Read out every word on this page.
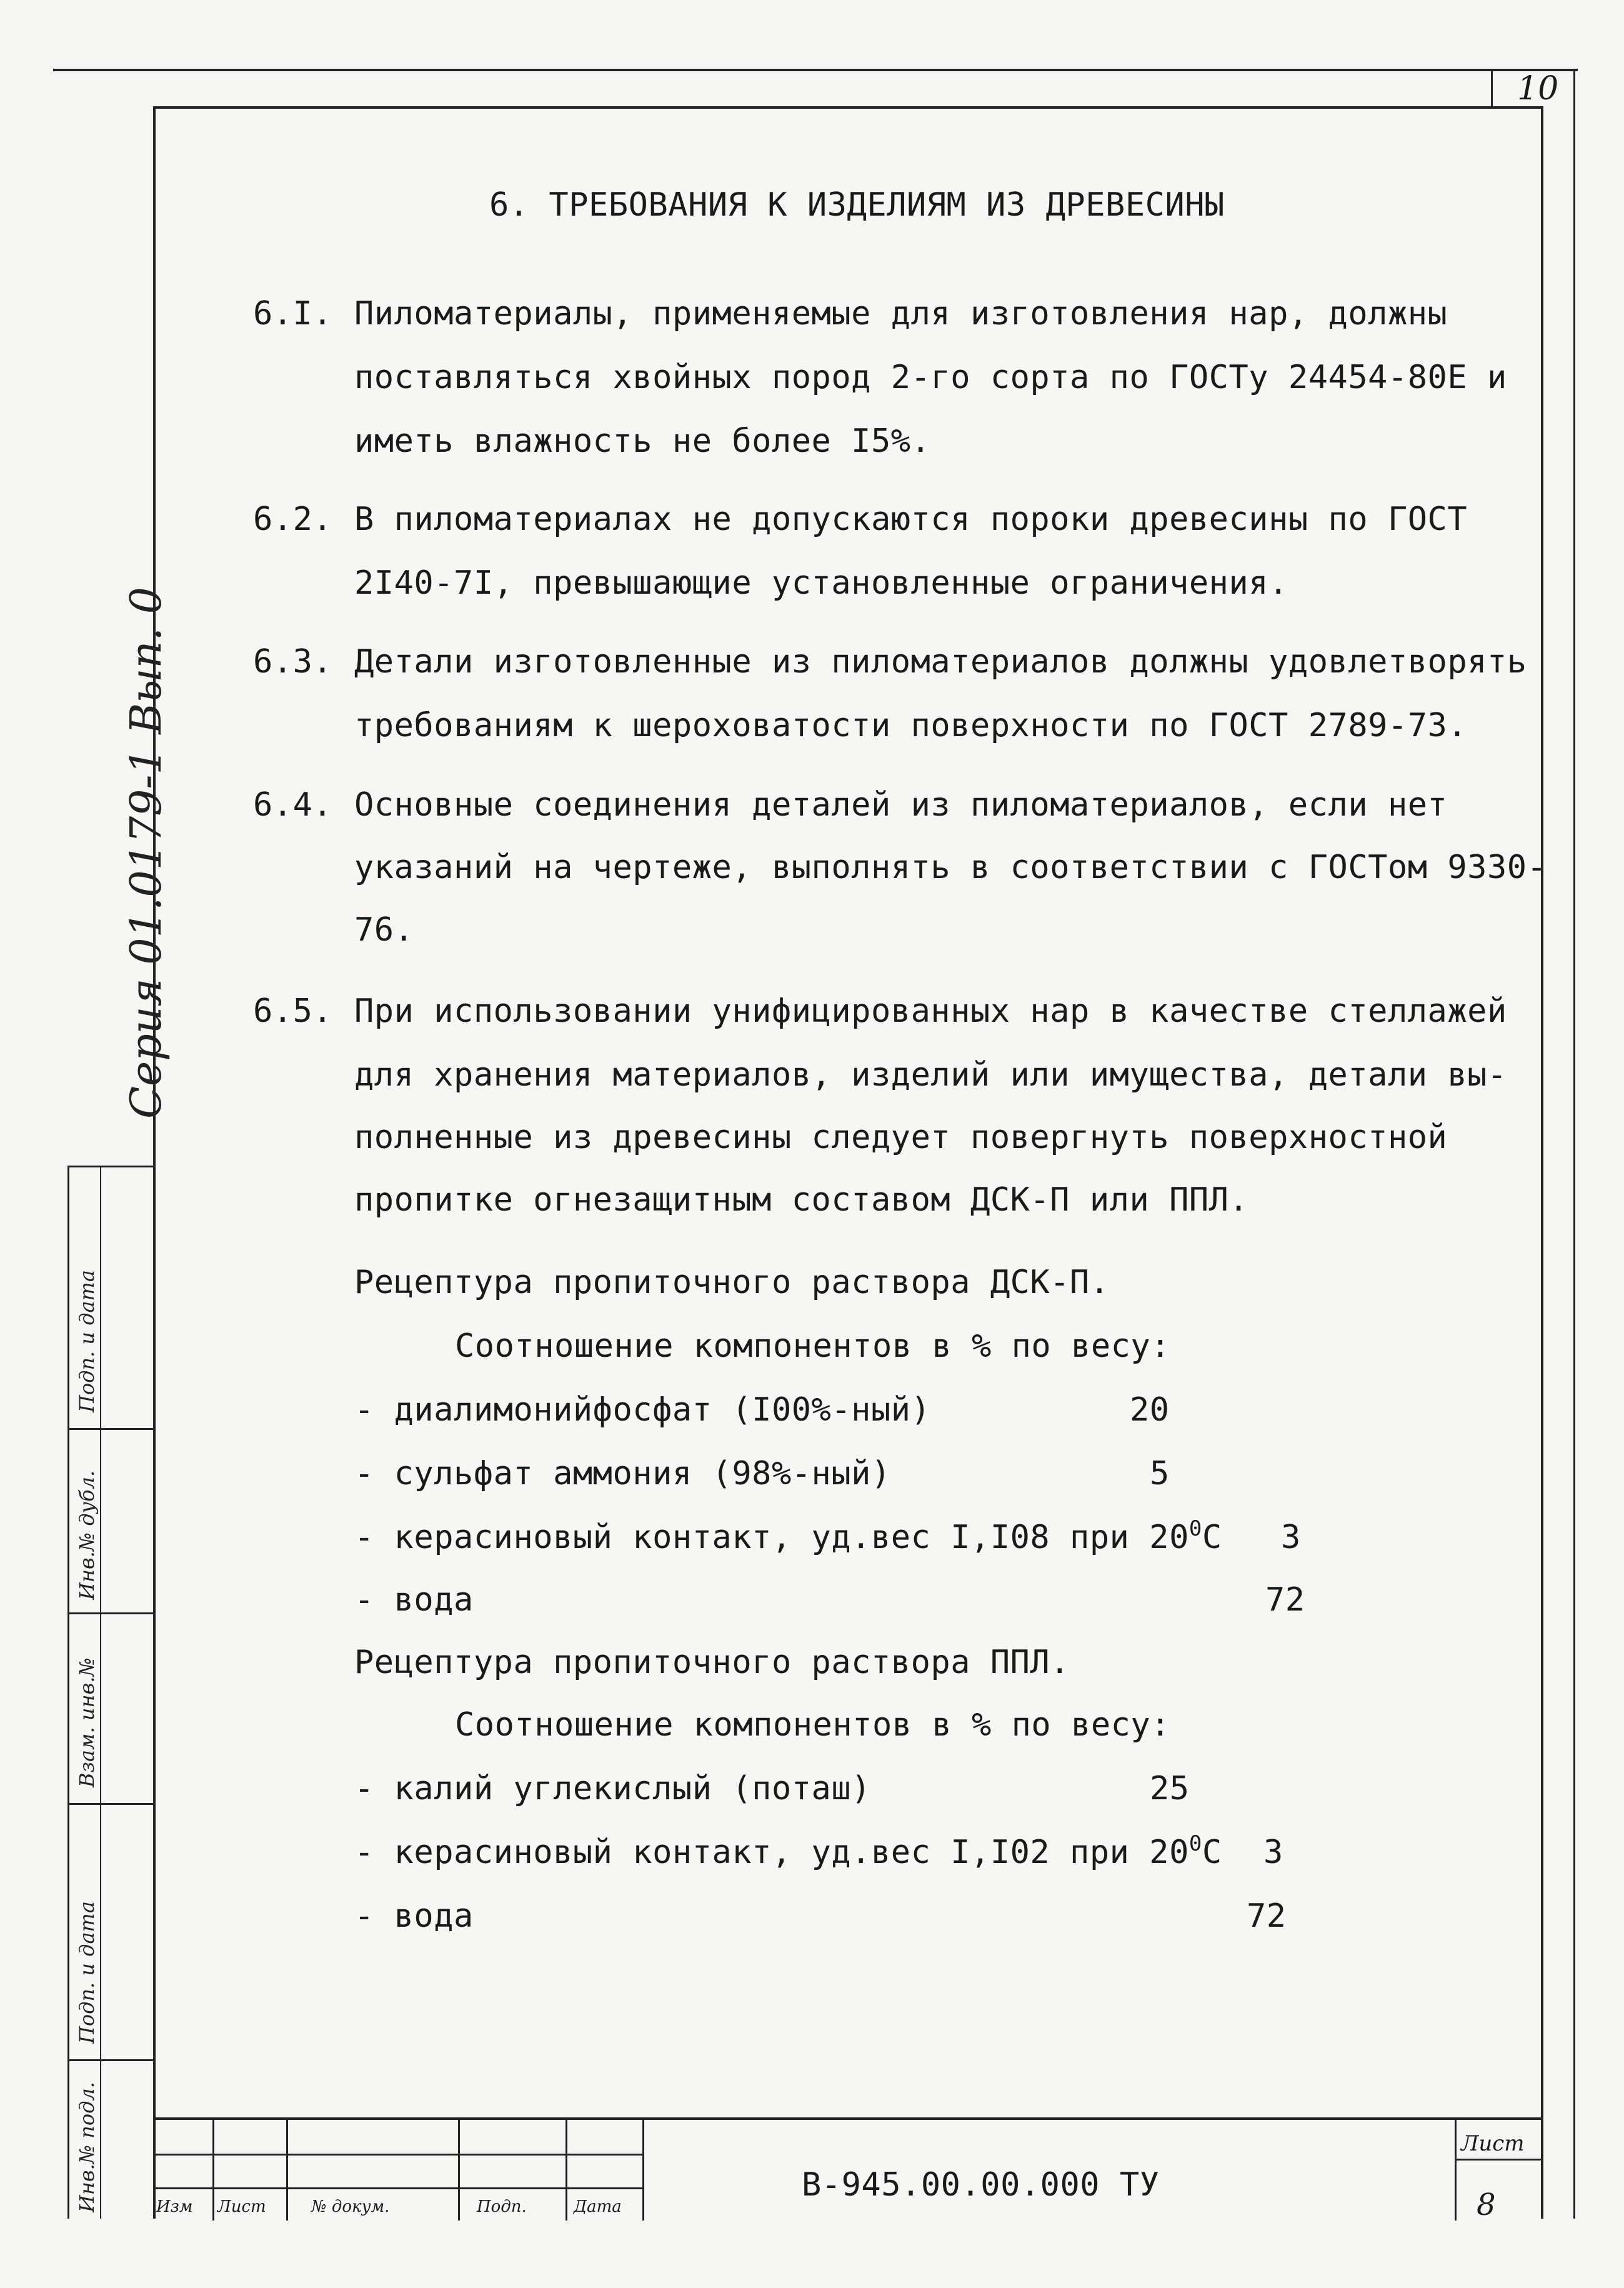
10
Серия 01.0179-1 Вып. 0
Подп. и дата
Инв.№ дубл.
Взам. инв.№
Подп. и дата
Инв.№ подл.
6. ТРЕБОВАНИЯ К ИЗДЕЛИЯМ ИЗ ДРЕВЕСИНЫ
6.I. Пиломатериалы, применяемые для изготовления нар, должны
поставляться хвойных пород 2-го сорта по ГОСТу 24454-80Е и
иметь влажность не более I5%.
6.2. В пиломатериалах не допускаются пороки древесины по ГОСТ
2I40-7I, превышающие установленные ограничения.
6.3. Детали изготовленные из пиломатериалов должны удовлетворять
требованиям к шероховатости поверхности по ГОСТ 2789-73.
6.4. Основные соединения деталей из пиломатериалов, если нет
указаний на чертеже, выполнять в соответствии с ГОСТом 9330-
76.
6.5. При использовании унифицированных нар в качестве стеллажей
для хранения материалов, изделий или имущества, детали вы-
полненные из древесины следует повергнуть поверхностной
пропитке огнезащитным составом ДСК-П или ППЛ.
Рецептура пропиточного раствора ДСК-П.
Соотношение компонентов в % по весу:
- диалимонийфосфат (I00%-ный)	20
- сульфат аммония (98%-ный)	5
- керасиновый контакт, уд.вес I,I08 при $20^0С$ 3
- вода	72
Рецептура пропиточного раствора ППЛ.
Соотношение компонентов в % по весу:
- калий углекислый (поташ)	25
- керасиновый контакт, уд.вес I,I02 при $20^0С$ 3
- вода	72
Изм Лист	№ докум.	Подп.	Дата
В-945.00.00.000 ТУ
Лист
8
